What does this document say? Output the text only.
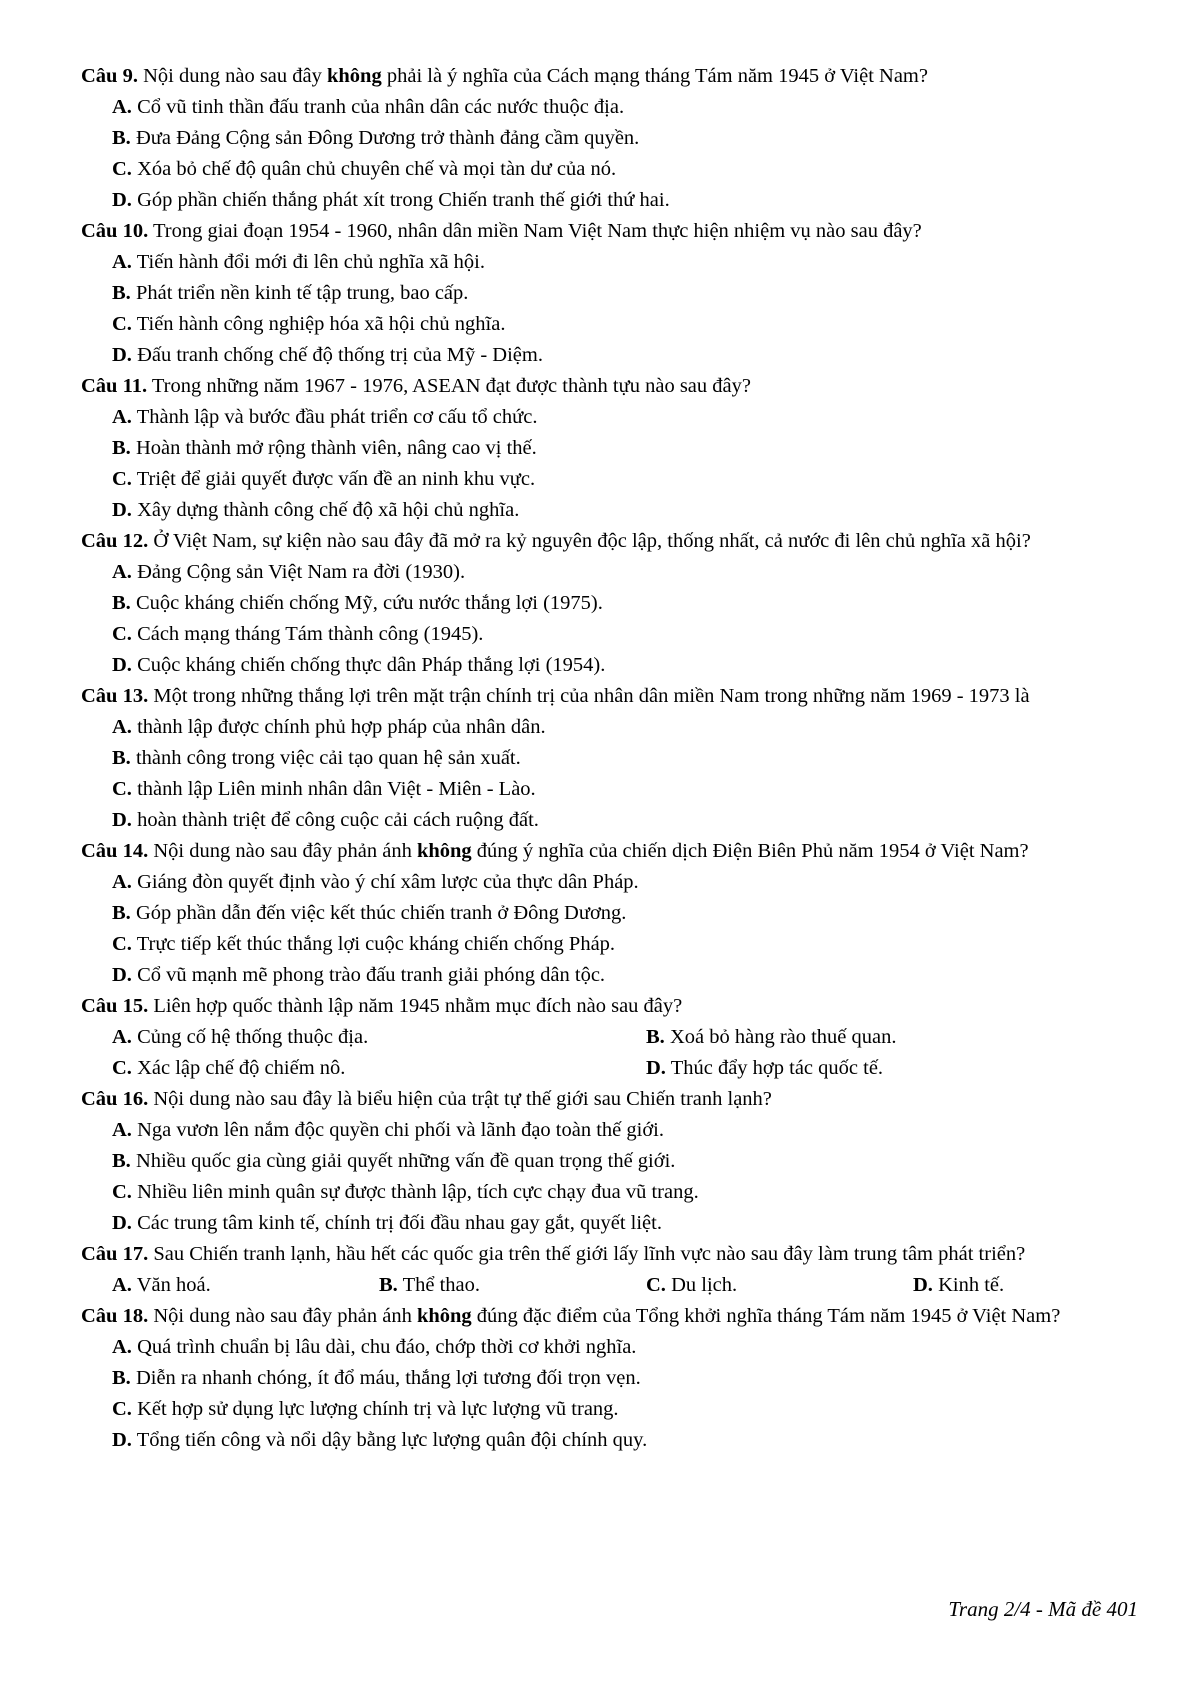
Câu 9. Nội dung nào sau đây không phải là ý nghĩa của Cách mạng tháng Tám năm 1945 ở Việt Nam?

A. Cổ vũ tinh thần đấu tranh của nhân dân các nước thuộc địa.

B. Đưa Đảng Cộng sản Đông Dương trở thành đảng cầm quyền.

C. Xóa bỏ chế độ quân chủ chuyên chế và mọi tàn dư của nó.

D. Góp phần chiến thắng phát xít trong Chiến tranh thế giới thứ hai.

Câu 10. Trong giai đoạn 1954 - 1960, nhân dân miền Nam Việt Nam thực hiện nhiệm vụ nào sau đây?

A. Tiến hành đổi mới đi lên chủ nghĩa xã hội.

B. Phát triển nền kinh tế tập trung, bao cấp.

C. Tiến hành công nghiệp hóa xã hội chủ nghĩa.

D. Đấu tranh chống chế độ thống trị của Mỹ - Diệm.

Câu 11. Trong những năm 1967 - 1976, ASEAN đạt được thành tựu nào sau đây?

A. Thành lập và bước đầu phát triển cơ cấu tổ chức.

B. Hoàn thành mở rộng thành viên, nâng cao vị thế.

C. Triệt để giải quyết được vấn đề an ninh khu vực.

D. Xây dựng thành công chế độ xã hội chủ nghĩa.

Câu 12. Ở Việt Nam, sự kiện nào sau đây đã mở ra kỷ nguyên độc lập, thống nhất, cả nước đi lên chủ nghĩa xã hội?

A. Đảng Cộng sản Việt Nam ra đời (1930).

B. Cuộc kháng chiến chống Mỹ, cứu nước thắng lợi (1975).

C. Cách mạng tháng Tám thành công (1945).

D. Cuộc kháng chiến chống thực dân Pháp thắng lợi (1954).

Câu 13. Một trong những thắng lợi trên mặt trận chính trị của nhân dân miền Nam trong những năm 1969 - 1973 là

A. thành lập được chính phủ hợp pháp của nhân dân.

B. thành công trong việc cải tạo quan hệ sản xuất.

C. thành lập Liên minh nhân dân Việt - Miên - Lào.

D. hoàn thành triệt để công cuộc cải cách ruộng đất.

Câu 14. Nội dung nào sau đây phản ánh không đúng ý nghĩa của chiến dịch Điện Biên Phủ năm 1954 ở Việt Nam?

A. Giáng đòn quyết định vào ý chí xâm lược của thực dân Pháp.

B. Góp phần dẫn đến việc kết thúc chiến tranh ở Đông Dương.

C. Trực tiếp kết thúc thắng lợi cuộc kháng chiến chống Pháp.

D. Cổ vũ mạnh mẽ phong trào đấu tranh giải phóng dân tộc.

Câu 15. Liên hợp quốc thành lập năm 1945 nhằm mục đích nào sau đây?

A. Củng cố hệ thống thuộc địa.	B. Xoá bỏ hàng rào thuế quan.
C. Xác lập chế độ chiếm nô.	D. Thúc đẩy hợp tác quốc tế.

Câu 16. Nội dung nào sau đây là biểu hiện của trật tự thế giới sau Chiến tranh lạnh?

A. Nga vươn lên nắm độc quyền chi phối và lãnh đạo toàn thế giới.

B. Nhiều quốc gia cùng giải quyết những vấn đề quan trọng thế giới.

C. Nhiều liên minh quân sự được thành lập, tích cực chạy đua vũ trang.

D. Các trung tâm kinh tế, chính trị đối đầu nhau gay gắt, quyết liệt.

Câu 17. Sau Chiến tranh lạnh, hầu hết các quốc gia trên thế giới lấy lĩnh vực nào sau đây làm trung tâm phát triển?

A. Văn hoá.	B. Thể thao.	C. Du lịch.	D. Kinh tế.

Câu 18. Nội dung nào sau đây phản ánh không đúng đặc điểm của Tổng khởi nghĩa tháng Tám năm 1945 ở Việt Nam?

A. Quá trình chuẩn bị lâu dài, chu đáo, chớp thời cơ khởi nghĩa.

B. Diễn ra nhanh chóng, ít đổ máu, thắng lợi tương đối trọn vẹn.

C. Kết hợp sử dụng lực lượng chính trị và lực lượng vũ trang.

D. Tổng tiến công và nổi dậy bằng lực lượng quân đội chính quy.

Trang 2/4 - Mã đề 401
